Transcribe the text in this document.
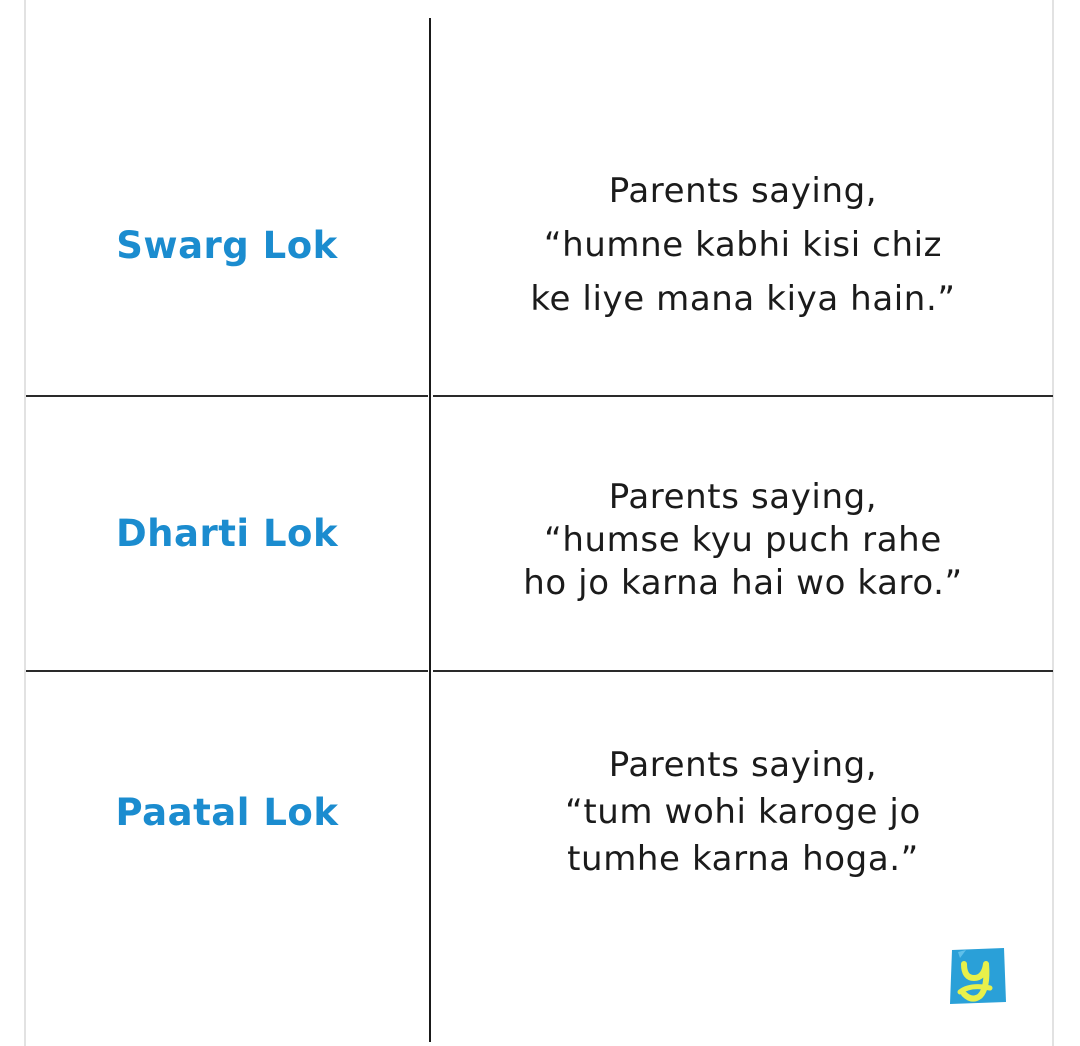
Swarg Lok
Parents saying,
“humne kabhi kisi chiz
ke liye mana kiya hain.”
Dharti Lok
Parents saying,
“humse kyu puch rahe
ho jo karna hai wo karo.”
Paatal Lok
Parents saying,
“tum wohi karoge jo
tumhe karna hoga.”
